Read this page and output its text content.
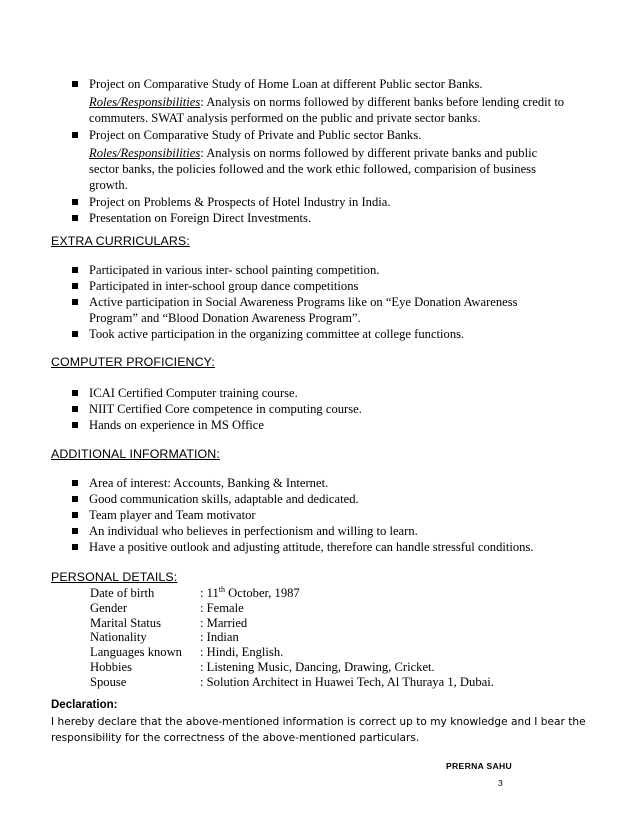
Project on Comparative Study of Home Loan at different Public sector Banks.
Roles/Responsibilities: Analysis on norms followed by different banks before lending credit to commuters. SWAT analysis performed on the public and private sector banks.
Project on Comparative Study of Private and Public sector Banks.
Roles/Responsibilities: Analysis on norms followed by different private banks and public sector banks, the policies followed and the work ethic followed, comparision of business growth.
Project on Problems & Prospects of Hotel Industry in India.
Presentation on Foreign Direct Investments.
EXTRA CURRICULARS:
Participated in various inter- school painting competition.
Participated in inter-school group dance competitions
Active participation in Social Awareness Programs like on “Eye Donation Awareness Program” and “Blood Donation Awareness Program”.
Took active participation in the organizing committee at college functions.
COMPUTER PROFICIENCY:
ICAI Certified Computer training course.
NIIT Certified Core competence in computing course.
Hands on experience in MS Office
ADDITIONAL INFORMATION:
Area of interest: Accounts, Banking & Internet.
Good communication skills, adaptable and dedicated.
Team player and Team motivator
An individual who believes in perfectionism and willing to learn.
Have a positive outlook and adjusting attitude, therefore can handle stressful conditions.
PERSONAL DETAILS:
Date of birth	: 11th October, 1987
Gender	: Female
Marital Status	: Married
Nationality	: Indian
Languages known : Hindi, English.
Hobbies	: Listening Music, Dancing, Drawing, Cricket.
Spouse	: Solution Architect in Huawei Tech, Al Thuraya 1, Dubai.
Declaration:
I hereby declare that the above-mentioned information is correct up to my knowledge and I bear the responsibility for the correctness of the above-mentioned particulars.
PRERNA SAHU
3
